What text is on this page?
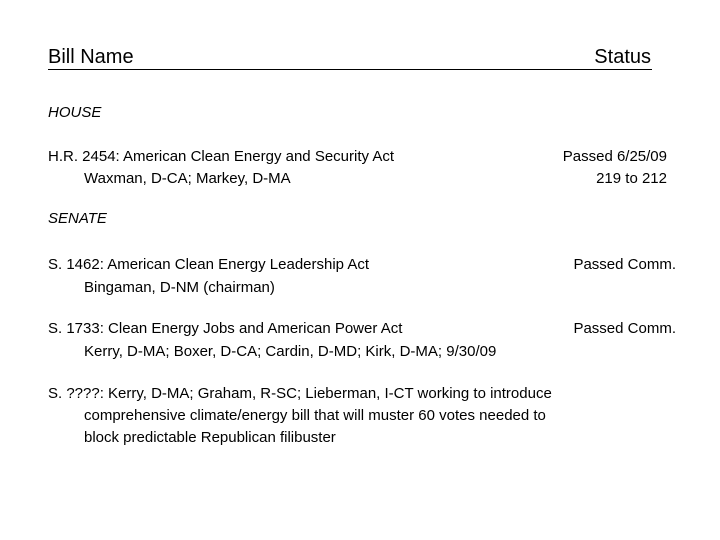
Bill Name	Status
HOUSE
H.R. 2454: American Clean Energy and Security Act
Waxman, D-CA; Markey, D-MA
Passed 6/25/09
219 to 212
SENATE
S. 1462: American Clean Energy Leadership Act
Bingaman, D-NM (chairman)
Passed Comm.
S. 1733: Clean Energy Jobs and American Power Act
Kerry, D-MA; Boxer, D-CA; Cardin, D-MD; Kirk, D-MA; 9/30/09
Passed Comm.
S. ????: Kerry, D-MA; Graham, R-SC; Lieberman, I-CT working to introduce
comprehensive climate/energy bill that will muster 60 votes needed to
block predictable Republican filibuster
